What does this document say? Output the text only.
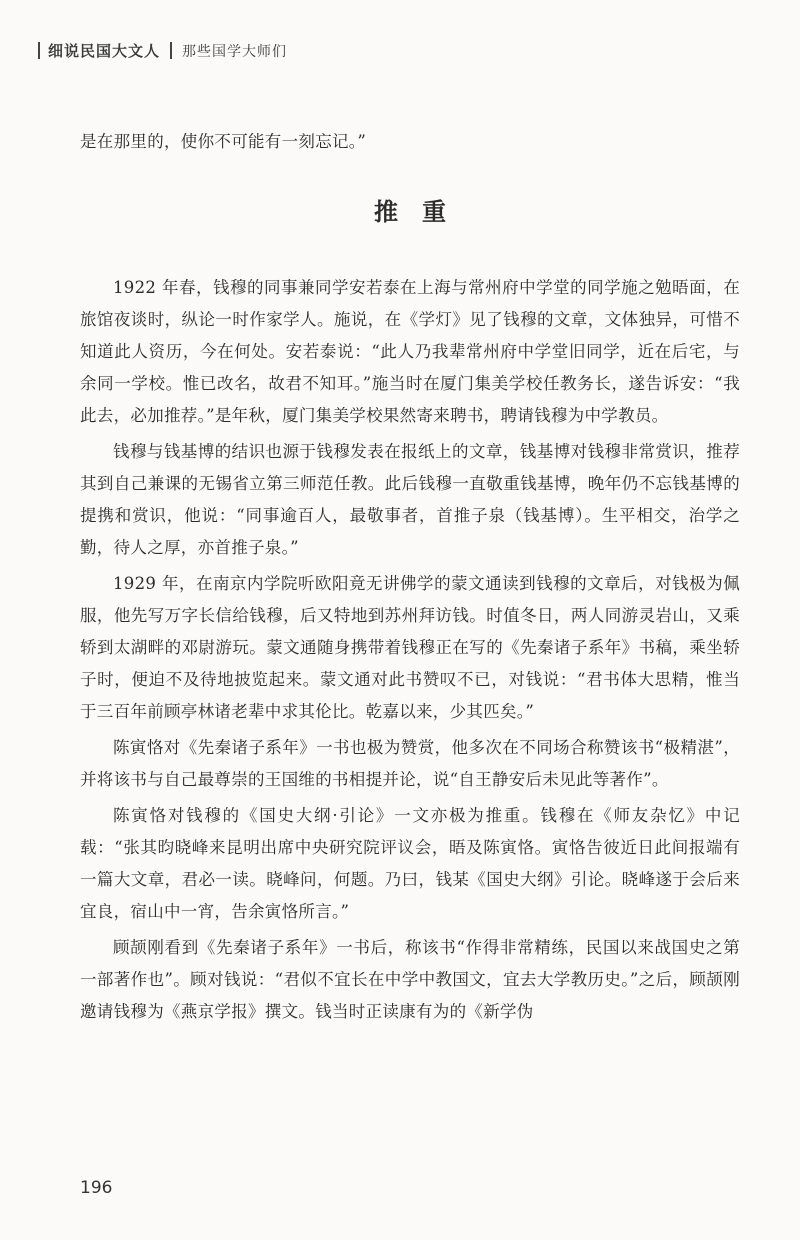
细说民国大文人 那些国学大师们

是在那里的，使你不可能有一刻忘记。”

推重

1922 年春，钱穆的同事兼同学安若泰在上海与常州府中学堂的同学施之勉晤面，在旅馆夜谈时，纵论一时作家学人。施说，在《学灯》见了钱穆的文章，文体独异，可惜不知道此人资历，今在何处。安若泰说：“此人乃我辈常州府中学堂旧同学，近在后宅，与余同一学校。惟已改名，故君不知耳。”施当时在厦门集美学校任教务长，遂告诉安：“我此去，必加推荐。”是年秋，厦门集美学校果然寄来聘书，聘请钱穆为中学教员。

钱穆与钱基博的结识也源于钱穆发表在报纸上的文章，钱基博对钱穆非常赏识，推荐其到自己兼课的无锡省立第三师范任教。此后钱穆一直敬重钱基博，晚年仍不忘钱基博的提携和赏识，他说：“同事逾百人，最敬事者，首推子泉（钱基博）。生平相交，治学之勤，待人之厚，亦首推子泉。”

1929 年，在南京内学院听欧阳竟无讲佛学的蒙文通读到钱穆的文章后，对钱极为佩服，他先写万字长信给钱穆，后又特地到苏州拜访钱。时值冬日，两人同游灵岩山，又乘轿到太湖畔的邓尉游玩。蒙文通随身携带着钱穆正在写的《先秦诸子系年》书稿，乘坐轿子时，便迫不及待地披览起来。蒙文通对此书赞叹不已，对钱说：“君书体大思精，惟当于三百年前顾亭林诸老辈中求其伦比。乾嘉以来，少其匹矣。”

陈寅恪对《先秦诸子系年》一书也极为赞赏，他多次在不同场合称赞该书“极精湛”，并将该书与自己最尊崇的王国维的书相提并论，说“自王静安后未见此等著作”。

陈寅恪对钱穆的《国史大纲·引论》一文亦极为推重。钱穆在《师友杂忆》中记载：“张其昀晓峰来昆明出席中央研究院评议会，晤及陈寅恪。寅恪告彼近日此间报端有一篇大文章，君必一读。晓峰问，何题。乃曰，钱某《国史大纲》引论。晓峰遂于会后来宜良，宿山中一宵，告余寅恪所言。”

顾颉刚看到《先秦诸子系年》一书后，称该书“作得非常精练，民国以来战国史之第一部著作也”。顾对钱说：“君似不宜长在中学中教国文，宜去大学教历史。”之后，顾颉刚邀请钱穆为《燕京学报》撰文。钱当时正读康有为的《新学伪

196
